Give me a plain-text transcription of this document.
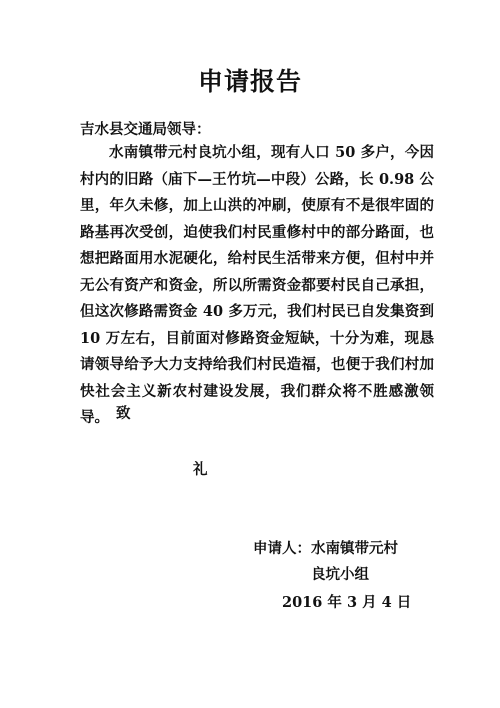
申请报告
吉水县交通局领导：

水南镇带元村良坑小组，现有人口 50 多户，今因村内的旧路（庙下—王竹坑—中段）公路，长 0.98 公里，年久未修，加上山洪的冲刷，使原有不是很牢固的路基再次受创，迫使我们村民重修村中的部分路面，也想把路面用水泥硬化，给村民生活带来方便，但村中并无公有资产和资金，所以所需资金都要村民自己承担，但这次修路需资金 40 多万元，我们村民已自发集资到 10 万左右，目前面对修路资金短缺，十分为难，现恳请领导给予大力支持给我们村民造福，也便于我们村加快社会主义新农村建设发展，我们群众将不胜感激领导。 致
礼
申请人：水南镇带元村
良坑小组
2016 年 3 月 4 日
